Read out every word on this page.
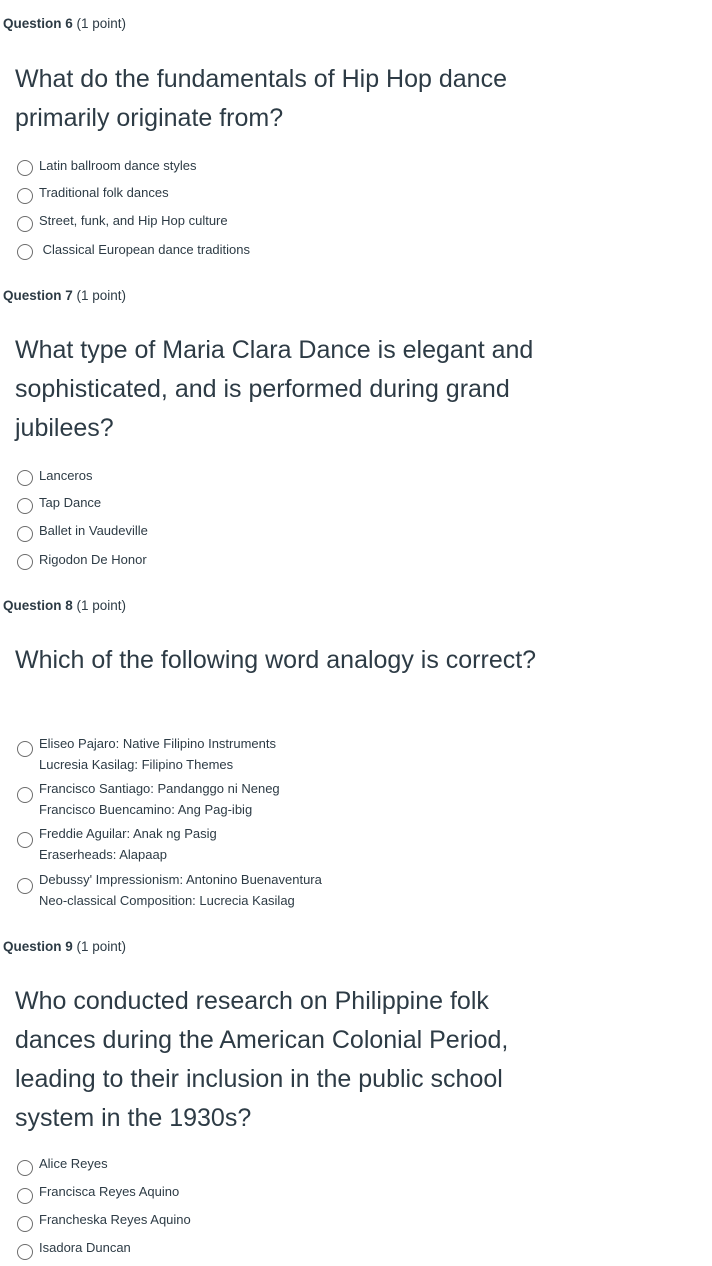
Question 6 (1 point)
What do the fundamentals of Hip Hop dance primarily originate from?
Latin ballroom dance styles
Traditional folk dances
Street, funk, and Hip Hop culture
Classical European dance traditions
Question 7 (1 point)
What type of Maria Clara Dance is elegant and sophisticated, and is performed during grand jubilees?
Lanceros
Tap Dance
Ballet in Vaudeville
Rigodon De Honor
Question 8 (1 point)
Which of the following word analogy is correct?
Eliseo Pajaro: Native Filipino Instruments
Lucresia Kasilag: Filipino Themes
Francisco Santiago: Pandanggo ni Neneg
Francisco Buencamino: Ang Pag-ibig
Freddie Aguilar: Anak ng Pasig
Eraserheads: Alapaap
Debussy' Impressionism: Antonino Buenaventura
Neo-classical Composition: Lucrecia Kasilag
Question 9 (1 point)
Who conducted research on Philippine folk dances during the American Colonial Period, leading to their inclusion in the public school system in the 1930s?
Alice Reyes
Francisca Reyes Aquino
Francheska Reyes Aquino
Isadora Duncan
